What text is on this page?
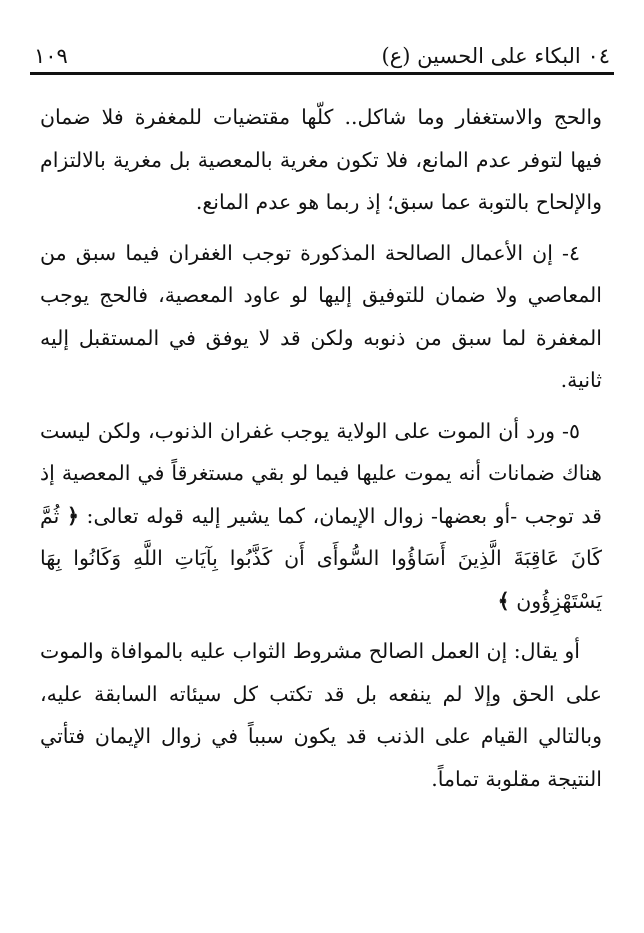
٠٤ البكاء على الحسين (ع)
١٠٩

والحج والاستغفار وما شاكل.. كلّها مقتضيات للمغفرة فلا ضمان فيها لتوفر عدم المانع، فلا تكون مغرية بالمعصية بل مغرية بالالتزام والإلحاح بالتوبة عما سبق؛ إذ ربما هو عدم المانع.

٤- إن الأعمال الصالحة المذكورة توجب الغفران فيما سبق من المعاصي ولا ضمان للتوفيق إليها لو عاود المعصية، فالحج يوجب المغفرة لما سبق من ذنوبه ولكن قد لا يوفق في المستقبل إليه ثانية.

٥- ورد أن الموت على الولاية يوجب غفران الذنوب، ولكن ليست هناك ضمانات أنه يموت عليها فيما لو بقي مستغرقاً في المعصية إذ قد توجب -أو بعضها- زوال الإيمان، كما يشير إليه قوله تعالى: ﴿ ثُمَّ كَانَ عَاقِبَةَ الَّذِينَ أَسَاؤُوا السُّوأَى أَن كَذَّبُوا بِآيَاتِ اللَّهِ وَكَانُوا بِهَا يَسْتَهْزِؤُون ﴾

أو يقال: إن العمل الصالح مشروط الثواب عليه بالموافاة والموت على الحق وإلا لم ينفعه بل قد تكتب كل سيئاته السابقة عليه، وبالتالي القيام على الذنب قد يكون سبباً في زوال الإيمان فتأتي النتيجة مقلوبة تماماً.
